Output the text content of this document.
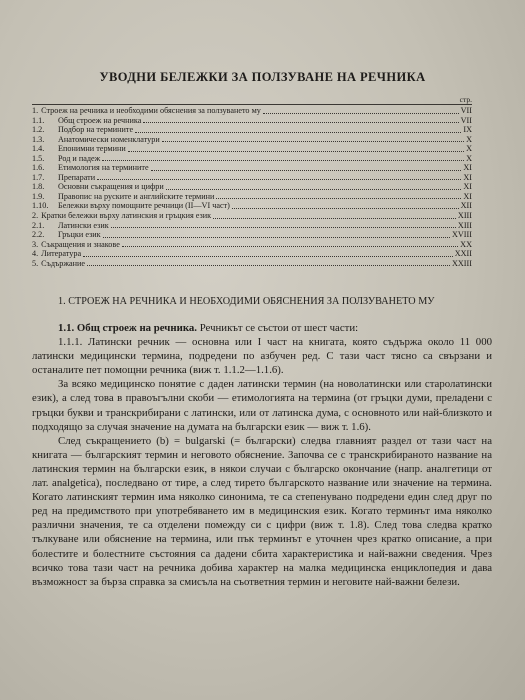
УВОДНИ БЕЛЕЖКИ ЗА ПОЛЗУВАНЕ НА РЕЧНИКА
стр.
1. Строеж на речника и необходими обяснения за ползуването му	VII
1.1.	Общ строеж на речника	VII
1.2.	Подбор на термините	IX
1.3.	Анатомически номенклатури	X
1.4.	Епонимни термини	X
1.5.	Род и падеж	X
1.6.	Етимология на термините	XI
1.7.	Препарати	XI
1.8.	Основни съкращения и цифри	XI
1.9.	Правопис на руските и английските термини	XI
1.10.	Бележки върху помощните речници (II—VI част)	XII
2. Кратки бележки върху латинския и гръцкия език	XIII
2.1.	Латински език	XIII
2.2.	Гръцки език	XVIII
3. Съкращения и знакове	XX
4. Литература	XXII
5. Съдържание	XXIII
1. СТРОЕЖ НА РЕЧНИКА И НЕОБХОДИМИ ОБЯСНЕНИЯ ЗА ПОЛЗУВАНЕТО МУ

1.1. Общ строеж на речника. Речникът се състои от шест части:

1.1.1. Латински речник — основна или I част на книгата, която съдържа около 11 000 латински медицински термина, подредени по азбучен ред. С тази част тясно са свързани и останалите пет помощни речника (виж т. 1.1.2—1.1.6).

За всяко медицинско понятие с даден латински термин (на новолатински или старолатински език), а след това в правоъгълни скоби — етимологията на термина (от гръцки думи, преладени с гръцки букви и транскрибирани с латински, или от латинска дума, с основното или най-близкото и подходящо за случая значение на думата на български език — виж т. 1.6).

След съкращението (b) = bulgarski (= български) следва главният раздел от тази част на книгата — българският термин и неговото обяснение. Започва се с транскрибираното название на латинския термин на български език, в някои случаи с българско окончание (напр. аналгетици от лат. analgetica), последвано от тире, а след тирето българското название или значение на термина. Когато латинският термин има няколко синонима, те са степенувано подредени един след друг по ред на предимството при употребяването им в медицинския език. Когато терминът има няколко различни значения, те са отделени помежду си с цифри (виж т. 1.8). След това следва кратко тълкуване или обяснение на термина, или пък терминът е уточнен чрез кратко описание, а при болестите и болестните състояния са дадени сбита характеристика и най-важни сведения. Чрез всичко това тази част на речника добива характер на малка медицинска енциклопедия и дава възможност за бърза справка за смисъла на съответния термин и неговите най-важни белези.
